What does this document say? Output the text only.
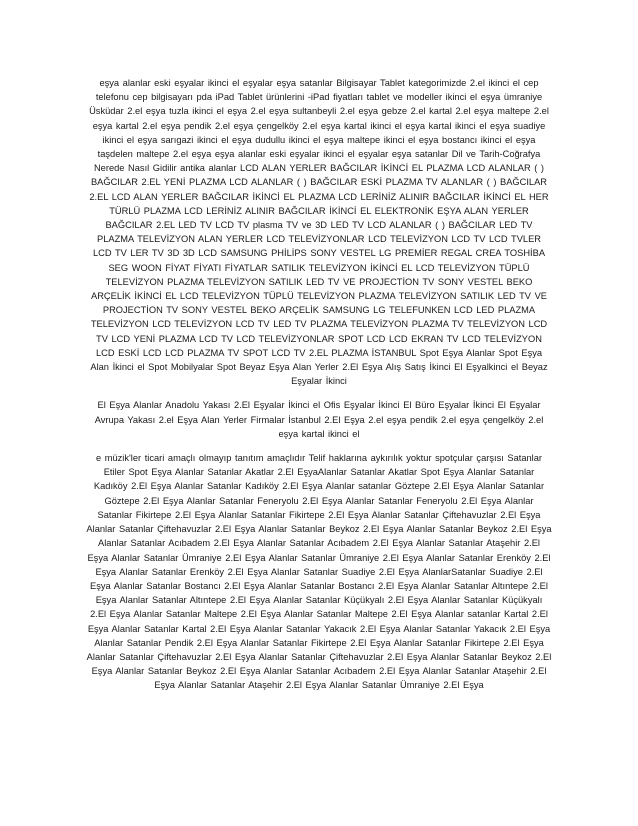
eşya alanlar eski eşyalar ikinci el eşyalar eşya satanlar Bilgisayar Tablet kategorimizde 2.el ikinci el cep telefonu cep bilgisayarı pda iPad Tablet ürünlerini -iPad fiyatları tablet ve modeller ikinci el eşya ümraniye Üsküdar 2.el eşya tuzla ikinci el eşya 2.el eşya sultanbeyli 2.el eşya gebze 2.el kartal 2.el eşya maltepe 2.el eşya kartal 2.el eşya pendik 2.el eşya çengelköy 2.el eşya kartal ikinci el eşya kartal ikinci el eşya suadiye ikinci el eşya sarıgazi ikinci el eşya dudullu ikinci el eşya maltepe ikinci el eşya bostancı ikinci el eşya taşdelen maltepe 2.el eşya eşya alanlar eski eşyalar ikinci el eşyalar eşya satanlar Dil ve Tarih-Coğrafya Nerede Nasıl Gidilir antika alanlar LCD ALAN YERLER BAĞCILAR İKİNCİ EL PLAZMA LCD ALANLAR ( ) BAĞCILAR 2.EL YENİ PLAZMA LCD ALANLAR ( ) BAĞCILAR ESKİ PLAZMA TV ALANLAR ( ) BAĞCILAR 2.EL LCD ALAN YERLER BAĞCILAR İKİNCİ EL PLAZMA LCD LERİNİZ ALINIR BAĞCILAR İKİNCİ EL HER TÜRLÜ PLAZMA LCD LERİNİZ ALINIR BAĞCILAR İKİNCİ EL ELEKTRONİK EŞYA ALAN YERLER BAĞCILAR 2.EL LED TV LCD TV plasma TV ve 3D LED TV LCD ALANLAR ( ) BAĞCILAR LED TV PLAZMA TELEVİZYON ALAN YERLER LCD TELEVİZYONLAR LCD TELEVİZYON LCD TV LCD TVLER LCD TV LER TV 3D 3D LCD SAMSUNG PHİLİPS SONY VESTEL LG PREMİER REGAL CREA TOSHİBA SEG WOON FİYAT FİYATI FİYATLAR SATILIK TELEVİZYON İKİNCİ EL LCD TELEVİZYON TÜPLÜ TELEVİZYON PLAZMA TELEVİZYON SATILIK LED TV VE PROJECTİON TV SONY VESTEL BEKO ARÇELİK İKİNCİ EL LCD TELEVİZYON TÜPLÜ TELEVİZYON PLAZMA TELEVİZYON SATILIK LED TV VE PROJECTİON TV SONY VESTEL BEKO ARÇELİK SAMSUNG LG TELEFUNKEN LCD LED PLAZMA TELEVİZYON LCD TELEVİZYON LCD TV LED TV PLAZMA TELEVİZYON PLAZMA TV TELEVİZYON LCD TV LCD YENİ PLAZMA LCD TV LCD TELEVİZYONLAR SPOT LCD LCD EKRAN TV LCD TELEVİZYON LCD ESKİ LCD LCD PLAZMA TV SPOT LCD TV 2.EL PLAZMA İSTANBUL Spot Eşya Alanlar Spot Eşya Alan İkinci el Spot Mobilyalar Spot Beyaz Eşya Alan Yerler 2.El Eşya Alış Satış İkinci El Eşyalkinci el Beyaz Eşyalar İkinci

El Eşya Alanlar Anadolu Yakası 2.El Eşyalar İkinci el Ofis Eşyalar İkinci El Büro Eşyalar İkinci El Eşyalar Avrupa Yakası 2.el Eşya Alan Yerler Firmalar İstanbul 2.El Eşya 2.el eşya pendik 2.el eşya çengelköy 2.el eşya kartal ikinci el

e müzik'ler ticari amaçlı olmayıp tanıtım amaçlıdır Telif haklarına aykırılık yoktur spotçular çarşısı Satanlar Etiler Spot Eşya Alanlar Satanlar Akatlar 2.El EşyaAlanlar Satanlar Akatlar Spot Eşya Alanlar Satanlar Kadıköy 2.El Eşya Alanlar Satanlar Kadıköy 2.El Eşya Alanlar satanlar Göztepe 2.El Eşya Alanlar Satanlar Göztepe 2.El Eşya Alanlar Satanlar Feneryolu 2.El Eşya Alanlar Satanlar Feneryolu 2.El Eşya Alanlar Satanlar Fikirtepe 2.El Eşya Alanlar Satanlar Fikirtepe 2.El Eşya Alanlar Satanlar Çiftehavuzlar 2.El Eşya Alanlar Satanlar Çiftehavuzlar 2.El Eşya Alanlar Satanlar Beykoz 2.El Eşya Alanlar Satanlar Beykoz 2.El Eşya Alanlar Satanlar Acıbadem 2.El Eşya Alanlar Satanlar Acıbadem 2.El Eşya Alanlar Satanlar Ataşehir 2.El Eşya Alanlar Satanlar Ümraniye 2.El Eşya Alanlar Satanlar Ümraniye 2.El Eşya Alanlar Satanlar Erenköy 2.El Eşya Alanlar Satanlar Erenköy 2.El Eşya Alanlar Satanlar Suadiye 2.El Eşya AlanlarSatanlar Suadiye 2.El Eşya Alanlar Satanlar Bostancı 2.El Eşya Alanlar Satanlar Bostancı 2.El Eşya Alanlar Satanlar Altıntepe 2.El Eşya Alanlar Satanlar Altıntepe 2.El Eşya Alanlar Satanlar Küçükyalı 2.El Eşya Alanlar Satanlar Küçükyalı 2.El Eşya Alanlar Satanlar Maltepe 2.El Eşya Alanlar Satanlar Maltepe 2.El Eşya Alanlar satanlar Kartal 2.El Eşya Alanlar Satanlar Kartal 2.El Eşya Alanlar Satanlar Yakacık 2.El Eşya Alanlar Satanlar Yakacık 2.El Eşya Alanlar Satanlar Pendik 2.El Eşya Alanlar Satanlar Fikirtepe 2.El Eşya Alanlar Satanlar Fikirtepe 2.El Eşya Alanlar Satanlar Çiftehavuzlar 2.El Eşya Alanlar Satanlar Çiftehavuzlar 2.El Eşya Alanlar Satanlar Beykoz 2.El Eşya Alanlar Satanlar Beykoz 2.El Eşya Alanlar Satanlar Acıbadem 2.El Eşya Alanlar Satanlar Ataşehir 2.El Eşya Alanlar Satanlar Ataşehir 2.El Eşya Alanlar Satanlar Ümraniye 2.El Eşya
